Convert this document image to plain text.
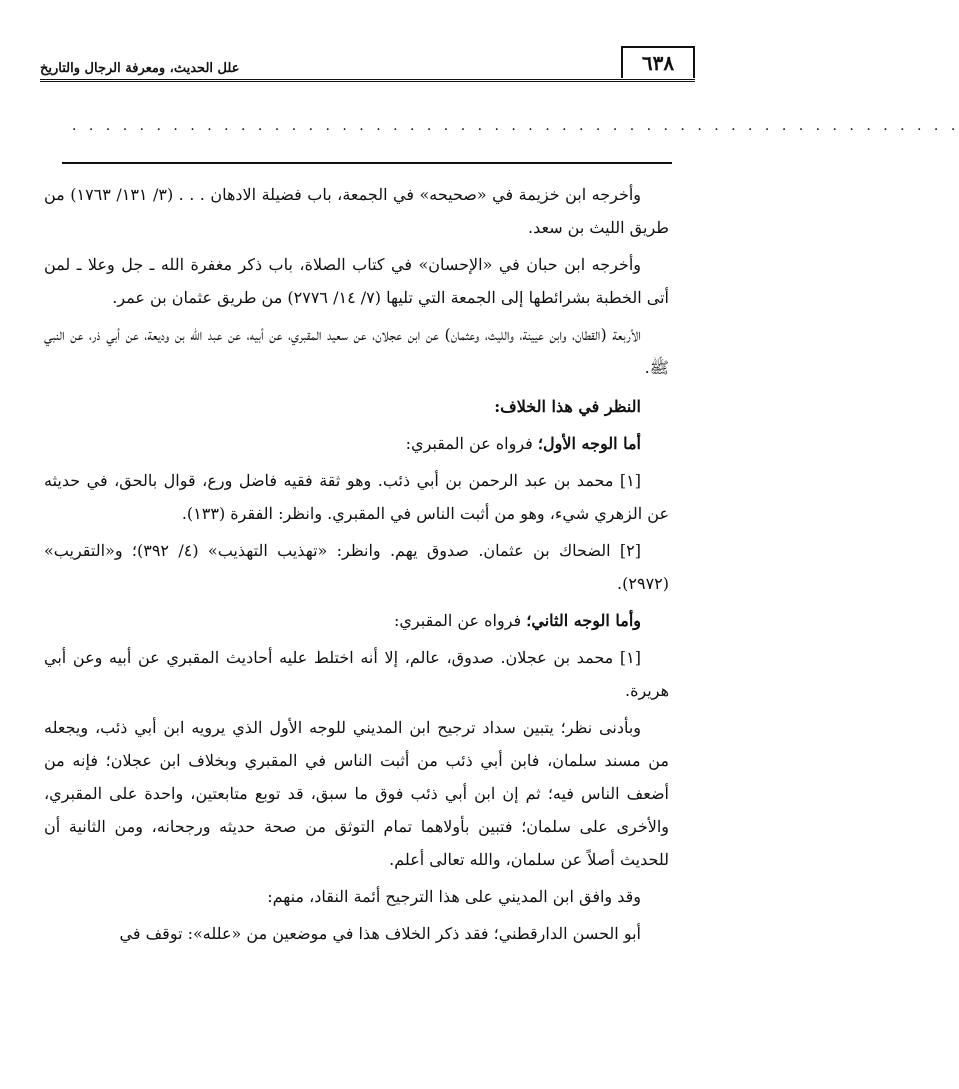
٦٣٨
علل الحديث، ومعرفة الرجال والتاريخ
. . . . . . . . . . . . . . . . . . . . . . . . . . . . . . . . . . . . . . . . . . . . . . . . . . . . .

وأخرجه ابن خزيمة في «صحيحه» في الجمعة، باب فضيلة الادهان . . . (٣/ ١٣١/ ١٧٦٣) من طريق الليث بن سعد.

وأخرجه ابن حبان في «الإحسان» في كتاب الصلاة، باب ذكر مغفرة الله ـ جل وعلا ـ لمن أتى الخطبة بشرائطها إلى الجمعة التي تليها (٧/ ١٤/ ٢٧٧٦) من طريق عثمان بن عمر.

الأربعة (القطان، وابن عيينة، والليث، وعثمان) عن ابن عجلان، عن سعيد المقبري، عن أبيه، عن عبد الله بن وديعة، عن أبي ذر، عن النبي ﷺ.

النظر في هذا الخلاف:

أما الوجه الأول؛ فرواه عن المقبري:

[١] محمد بن عبد الرحمن بن أبي ذئب. وهو ثقة فقيه فاضل ورع، قوال بالحق، في حديثه عن الزهري شيء، وهو من أثبت الناس في المقبري. وانظر: الفقرة (١٣٣).

[٢] الضحاك بن عثمان. صدوق يهم. وانظر: «تهذيب التهذيب» (٤/ ٣٩٢)؛ و«التقريب» (٢٩٧٢).

وأما الوجه الثاني؛ فرواه عن المقبري:

[١] محمد بن عجلان. صدوق، عالم، إلا أنه اختلط عليه أحاديث المقبري عن أبيه وعن أبي هريرة.

وبأدنى نظر؛ يتبين سداد ترجيح ابن المديني للوجه الأول الذي يرويه ابن أبي ذئب، ويجعله من مسند سلمان، فابن أبي ذئب من أثبت الناس في المقبري وبخلاف ابن عجلان؛ فإنه من أضعف الناس فيه؛ ثم إن ابن أبي ذئب فوق ما سبق، قد توبع متابعتين، واحدة على المقبري، والأخرى على سلمان؛ فتبين بأولاهما تمام التوثق من صحة حديثه ورجحانه، ومن الثانية أن للحديث أصلاً عن سلمان، والله تعالى أعلم.

وقد وافق ابن المديني على هذا الترجيح أئمة النقاد، منهم:

أبو الحسن الدارقطني؛ فقد ذكر الخلاف هذا في موضعين من «علله»: توقف في
